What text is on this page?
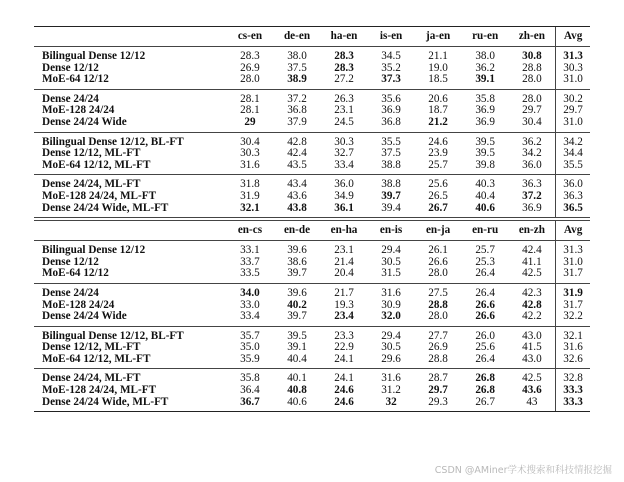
	cs-en	de-en	ha-en	is-en	ja-en	ru-en	zh-en	Avg
Bilingual Dense 12/12	28.3	38.0	28.3	34.5	21.1	38.0	30.8	31.3
Dense 12/12	26.9	37.5	28.3	35.2	19.0	36.2	28.8	30.3
MoE-64 12/12	28.0	38.9	27.2	37.3	18.5	39.1	28.0	31.0
Dense 24/24	28.1	37.2	26.3	35.6	20.6	35.8	28.0	30.2
MoE-128 24/24	28.1	36.8	23.1	36.9	18.7	36.9	29.7	29.7
Dense 24/24 Wide	29	37.9	24.5	36.8	21.2	36.9	30.4	31.0
Bilingual Dense 12/12, BL-FT	30.4	42.8	30.3	35.5	24.6	39.5	36.2	34.2
Dense 12/12, ML-FT	30.3	42.4	32.7	37.5	23.9	39.5	34.2	34.4
MoE-64 12/12, ML-FT	31.6	43.5	33.4	38.8	25.7	39.8	36.0	35.5
Dense 24/24, ML-FT	31.8	43.4	36.0	38.8	25.6	40.3	36.3	36.0
MoE-128 24/24, ML-FT	31.9	43.6	34.9	39.7	26.5	40.4	37.2	36.3
Dense 24/24 Wide, ML-FT	32.1	43.8	36.1	39.4	26.7	40.6	36.9	36.5
	en-cs	en-de	en-ha	en-is	en-ja	en-ru	en-zh	Avg
Bilingual Dense 12/12	33.1	39.6	23.1	29.4	26.1	25.7	42.4	31.3
Dense 12/12	33.7	38.6	21.4	30.5	26.6	25.3	41.1	31.0
MoE-64 12/12	33.5	39.7	20.4	31.5	28.0	26.4	42.5	31.7
Dense 24/24	34.0	39.6	21.7	31.6	27.5	26.4	42.3	31.9
MoE-128 24/24	33.0	40.2	19.3	30.9	28.8	26.6	42.8	31.7
Dense 24/24 Wide	33.4	39.7	23.4	32.0	28.0	26.6	42.2	32.2
Bilingual Dense 12/12, BL-FT	35.7	39.5	23.3	29.4	27.7	26.0	43.0	32.1
Dense 12/12, ML-FT	35.0	39.1	22.9	30.5	26.9	25.6	41.5	31.6
MoE-64 12/12, ML-FT	35.9	40.4	24.1	29.6	28.8	26.4	43.0	32.6
Dense 24/24, ML-FT	35.8	40.1	24.1	31.6	28.7	26.8	42.5	32.8
MoE-128 24/24, ML-FT	36.4	40.8	24.6	31.2	29.7	26.8	43.6	33.3
Dense 24/24 Wide, ML-FT	36.7	40.6	24.6	32	29.3	26.7	43	33.3
CSDN @AMiner学术搜索和科技情报挖掘
